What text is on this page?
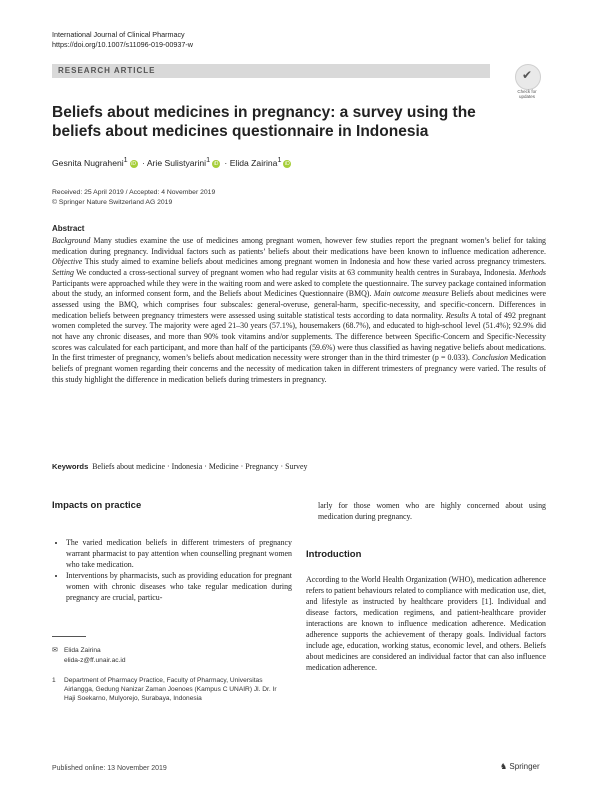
International Journal of Clinical Pharmacy
https://doi.org/10.1007/s11096-019-00937-w
RESEARCH ARTICLE	✔
Check for updates
Beliefs about medicines in pregnancy: a survey using the beliefs about medicines questionnaire in Indonesia
Gesnita Nugraheni$^1$ iD · Arie Sulistyarini$^1$ iD · Elida Zairina$^1$ iD
Received: 25 April 2019 / Accepted: 4 November 2019
© Springer Nature Switzerland AG 2019
Abstract
Background Many studies examine the use of medicines among pregnant women, however few studies report the pregnant women’s belief for taking medication during pregnancy. Individual factors such as patients’ beliefs about their medications have been known to influence medication adherence. Objective This study aimed to examine beliefs about medicines among pregnant women in Indonesia and how these varied across pregnancy trimesters. Setting We conducted a cross-sectional survey of pregnant women who had regular visits at 63 community health centres in Surabaya, Indonesia. Methods Participants were approached while they were in the waiting room and were asked to complete the questionnaire. The survey package contained information about the study, an informed consent form, and the Beliefs about Medicines Questionnaire (BMQ). Main outcome measure Beliefs about medicines were assessed using the BMQ, which comprises four subscales: general-overuse, general-harm, specific-necessity, and specific-concern. Differences in medication beliefs between pregnancy trimesters were assessed using suitable statistical tests according to data normality. Results A total of 492 pregnant women completed the survey. The majority were aged 21–30 years (57.1%), housemakers (68.7%), and educated to high-school level (51.4%); 92.9% did not have any chronic diseases, and more than 90% took vitamins and/or supplements. The difference between Specific-Concern and Specific-Necessity scores was calculated for each participant, and more than half of the participants (59.6%) were thus classified as having negative beliefs about medications. In the first trimester of pregnancy, women’s beliefs about medication necessity were stronger than in the third trimester (p = 0.033). Conclusion Medication beliefs of pregnant women regarding their concerns and the necessity of medication taken in different trimesters of pregnancy were varied. The results of this study highlight the difference in medication beliefs during trimesters in pregnancy.
Keywords Beliefs about medicine · Indonesia · Medicine · Pregnancy · Survey
Impacts on practice
• The varied medication beliefs in different trimesters of pregnancy warrant pharmacist to pay attention when counselling pregnant women who take medication.
• Interventions by pharmacists, such as providing education for pregnant women with chronic diseases who take regular medication during pregnancy are crucial, particu-
larly for those women who are highly concerned about using medication during pregnancy.
Introduction
According to the World Health Organization (WHO), medication adherence refers to patient behaviours related to compliance with medication use, diet, and lifestyle as instructed by healthcare providers [1]. Individual and disease factors, medication regimens, and patient-healthcare provider interactions are known to influence medication adherence. Medication adherence supports the achievement of therapy goals. Individual factors include age, education, working status, economic level, and others. Beliefs about medicines are considered an individual factor that can also influence medication adherence.
✉ Elida Zairina
elida-z@ff.unair.ac.id
1 Department of Pharmacy Practice, Faculty of Pharmacy, Universitas Airlangga, Gedung Nanizar Zaman Joenoes (Kampus C UNAIR) Jl. Dr. Ir Haji Soekarno, Mulyorejo, Surabaya, Indonesia
Published online: 13 November 2019	♞ Springer
